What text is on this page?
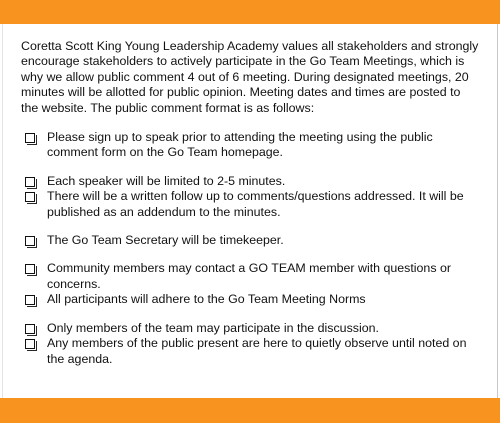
Coretta Scott King Young Leadership Academy values all stakeholders and strongly encourage stakeholders to actively participate in the Go Team Meetings, which is why we allow public comment 4 out of 6 meeting. During designated meetings, 20 minutes will be allotted for public opinion. Meeting dates and times are posted to the website. The public comment format is as follows:

Please sign up to speak prior to attending the meeting using the public comment form on the Go Team homepage.
Each speaker will be limited to 2-5 minutes.
There will be a written follow up to comments/questions addressed. It will be published as an addendum to the minutes.
The Go Team Secretary will be timekeeper.
Community members may contact a GO TEAM member with questions or concerns.
All participants will adhere to the Go Team Meeting Norms
Only members of the team may participate in the discussion.
Any members of the public present are here to quietly observe until noted on the agenda.
